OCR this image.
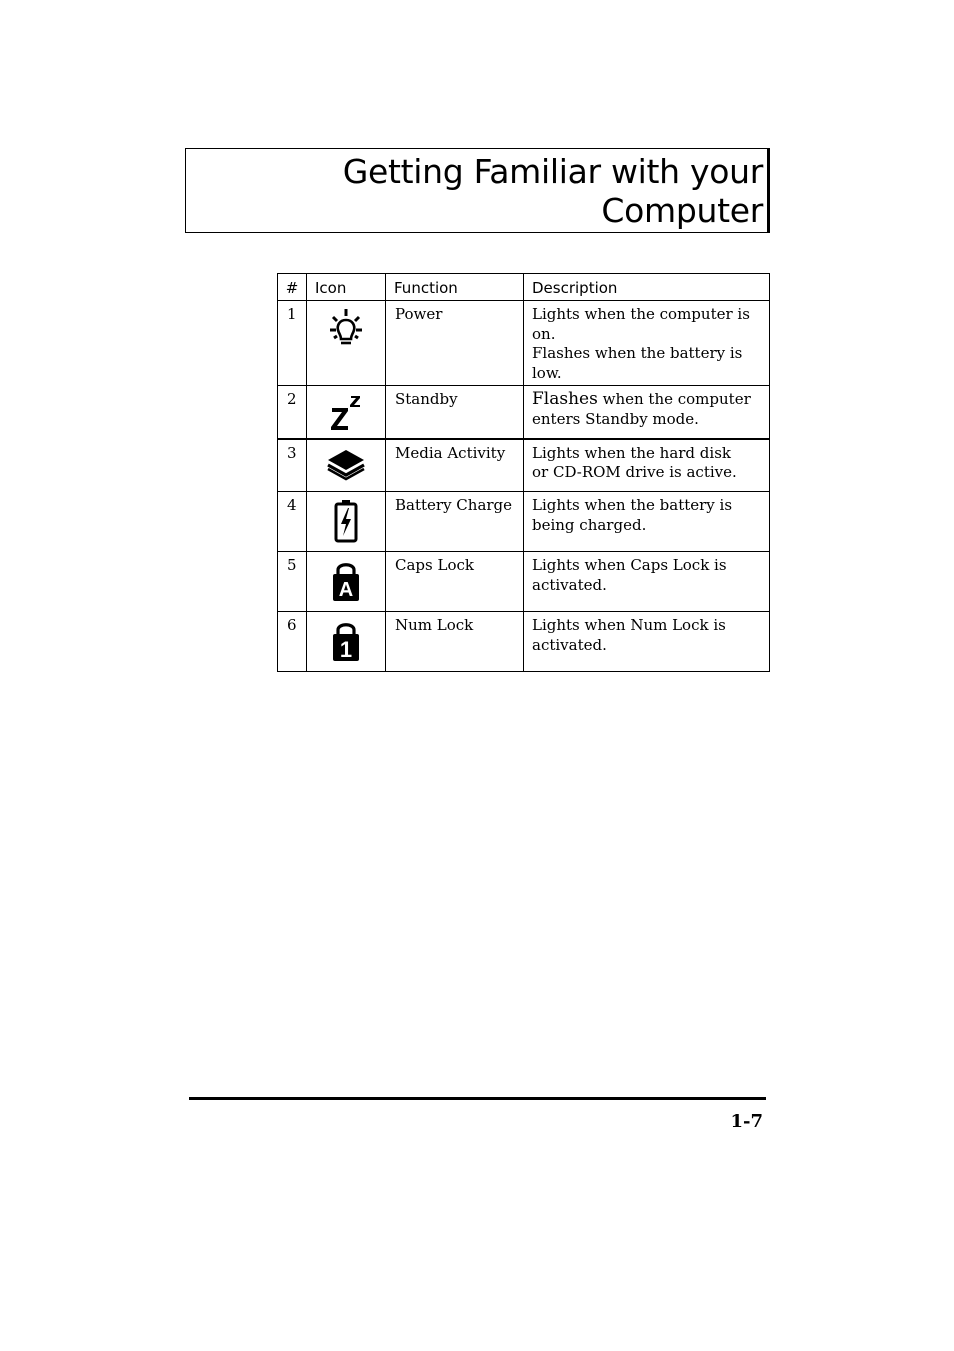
Getting Familiar with your
Computer
#	Icon	Function	Description
1		Power	Lights when the computer is
on.
Flashes when the battery is
low.

2		Standby	Flashes when the computer
enters Standby mode.

3		Media Activity	Lights when the hard disk
or CD-ROM drive is active.

4		Battery Charge	Lights when the battery is
being charged.

5	A	Caps Lock	Lights when Caps Lock is
activated.

6	1	Num Lock	Lights when Num Lock is
activated.
1-7
